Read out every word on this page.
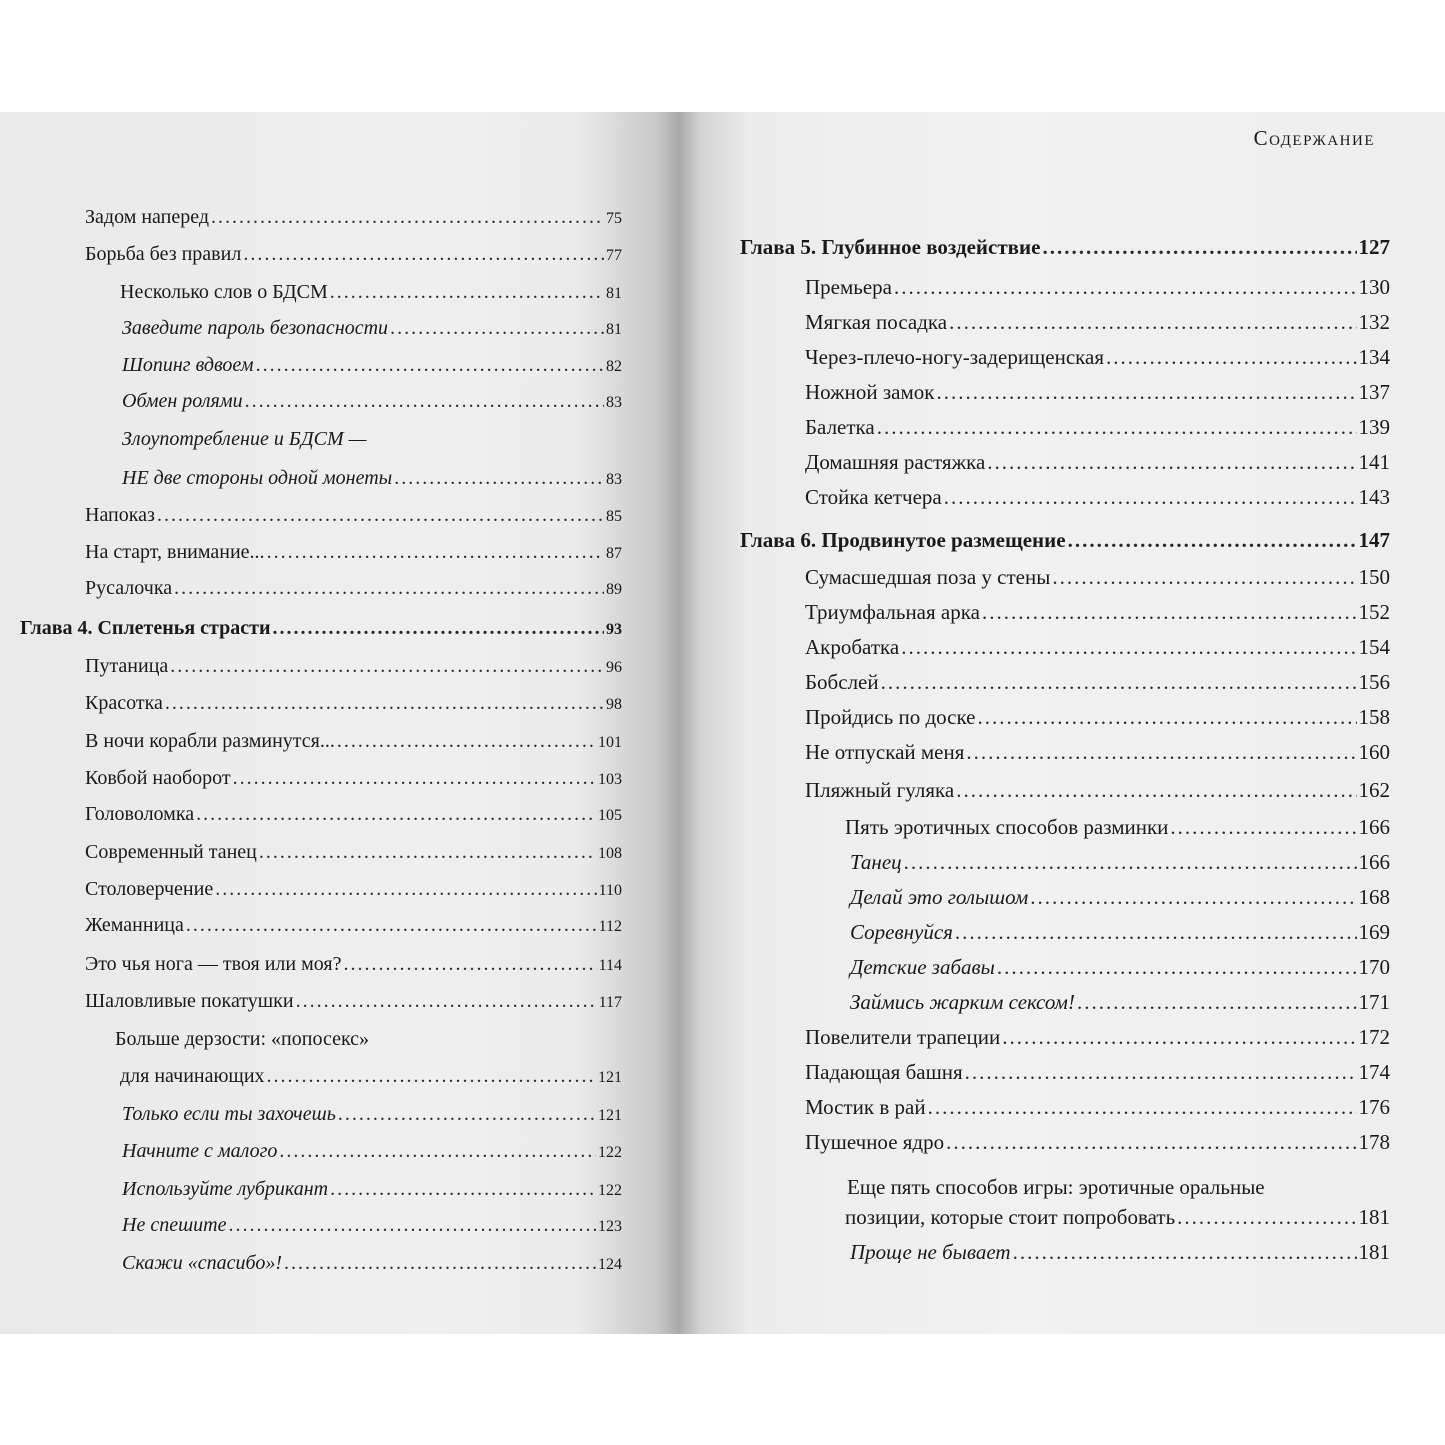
Задом наперед .....	75
Борьба без правил .....	77
Несколько слов о БДСМ .....	81
Заведите пароль безопасности .....	81
Шопинг вдвоем .....	82
Обмен ролями .....	83
Злоупотребление и БДСМ —
НЕ две стороны одной монеты .....	83
Напоказ .....	85
На старт, внимание... .....	87
Русалочка .....	89
Глава 4. Сплетенья страсти .....	93
Путаница .....	96
Красотка .....	98
В ночи корабли разминутся... .....	101
Ковбой наоборот .....	103
Головоломка .....	105
Современный танец .....	108
Столоверчение .....	110
Жеманница .....	112
Это чья нога — твоя или моя? .....	114
Шаловливые покатушки .....	117
Больше дерзости: «попосекс»
для начинающих .....	121
Только если ты захочешь .....	121
Начните с малого .....	122
Используйте лубрикант .....	122
Не спешите .....	123
Скажи «спасибо»! .....	124
Содержание
Глава 5. Глубинное воздействие .....	127
Премьера .....	130
Мягкая посадка .....	132
Через-плечо-ногу-задерищенская .....	134
Ножной замок .....	137
Балетка .....	139
Домашняя растяжка .....	141
Стойка кетчера .....	143
Глава 6. Продвинутое размещение .....	147
Сумасшедшая поза у стены .....	150
Триумфальная арка .....	152
Акробатка .....	154
Бобслей .....	156
Пройдись по доске .....	158
Не отпускай меня .....	160
Пляжный гуляка .....	162
Пять эротичных способов разминки .....	166
Танец .....	166
Делай это голышом .....	168
Соревнуйся .....	169
Детские забавы .....	170
Займись жарким сексом! .....	171
Повелители трапеции .....	172
Падающая башня .....	174
Мостик в рай .....	176
Пушечное ядро .....	178
Еще пять способов игры: эротичные оральные
позиции, которые стоит попробовать .....	181
Проще не бывает .....	181
